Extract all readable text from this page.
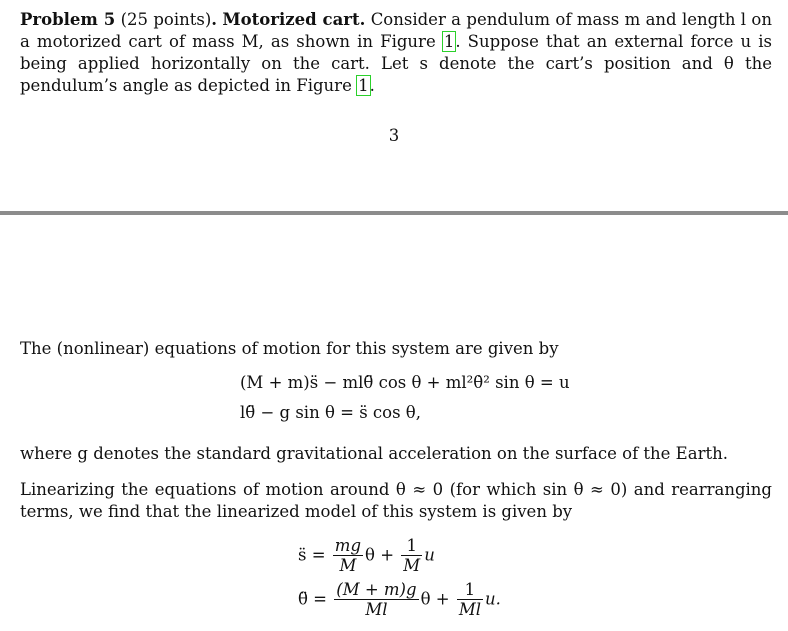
Problem 5 (25 points). Motorized cart. Consider a pendulum of mass m and length l on a motorized cart of mass M, as shown in Figure 1. Suppose that an external force u is being applied horizontally on the cart. Let s denote the cart’s position and θ the pendulum’s angle as depicted in Figure 1.
3
The (nonlinear) equations of motion for this system are given by
(M + m)s̈ − mlθ̈ cos θ + ml²θ̇² sin θ = u
lθ̈ − g sin θ = s̈ cos θ,
where g denotes the standard gravitational acceleration on the surface of the Earth.
Linearizing the equations of motion around θ ≈ 0 (for which sin θ ≈ 0) and rearranging terms, we find that the linearized model of this system is given by
s̈ = $\frac{mg}{M}$ $\theta + \frac{1}{M}$ u
θ̈ = $\frac{(M + m)g}{Ml}$ $\theta + \frac{1}{Ml} u$.
